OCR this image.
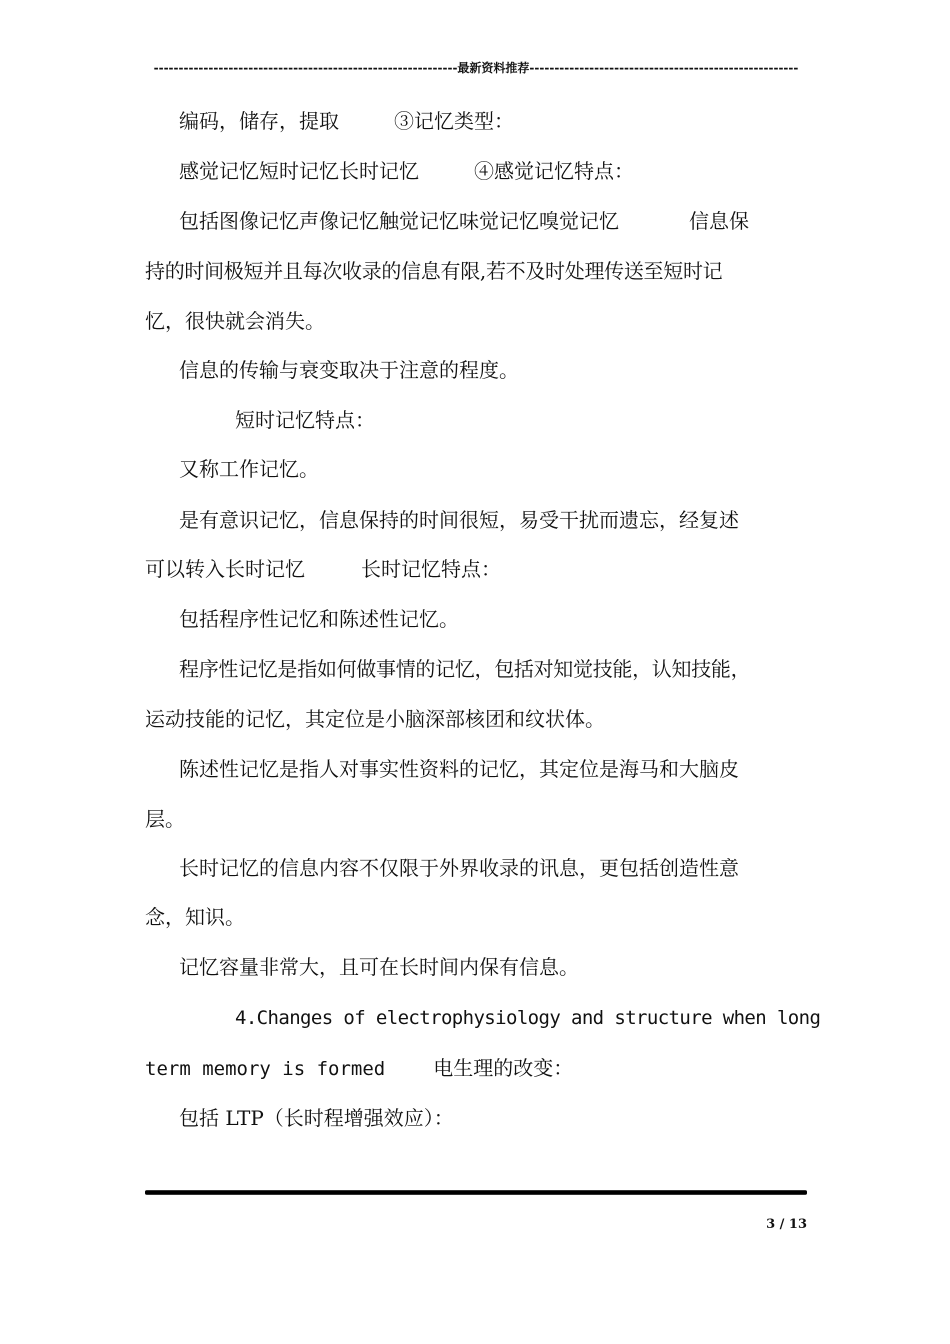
-------------------------------------------------------------最新资料推荐------------------------------------------------------
编码，储存，提取	③记忆类型：
感觉记忆短时记忆长时记忆	④感觉记忆特点：
包括图像记忆声像记忆触觉记忆味觉记忆嗅觉记忆	信息保
持的时间极短并且每次收录的信息有限,若不及时处理传送至短时记
忆，很快就会消失。
信息的传输与衰变取决于注意的程度。
短时记忆特点：
又称工作记忆。
是有意识记忆，信息保持的时间很短，易受干扰而遗忘，经复述
可以转入长时记忆	长时记忆特点：
包括程序性记忆和陈述性记忆。
程序性记忆是指如何做事情的记忆，包括对知觉技能，认知技能，
运动技能的记忆，其定位是小脑深部核团和纹状体。
陈述性记忆是指人对事实性资料的记忆，其定位是海马和大脑皮
层。
长时记忆的信息内容不仅限于外界收录的讯息，更包括创造性意
念，知识。
记忆容量非常大，且可在长时间内保有信息。
4.Changes of electrophysiology and structure when long
term memory is formed 电生理的改变：
包括 LTP（长时程增强效应）：
3 / 13
